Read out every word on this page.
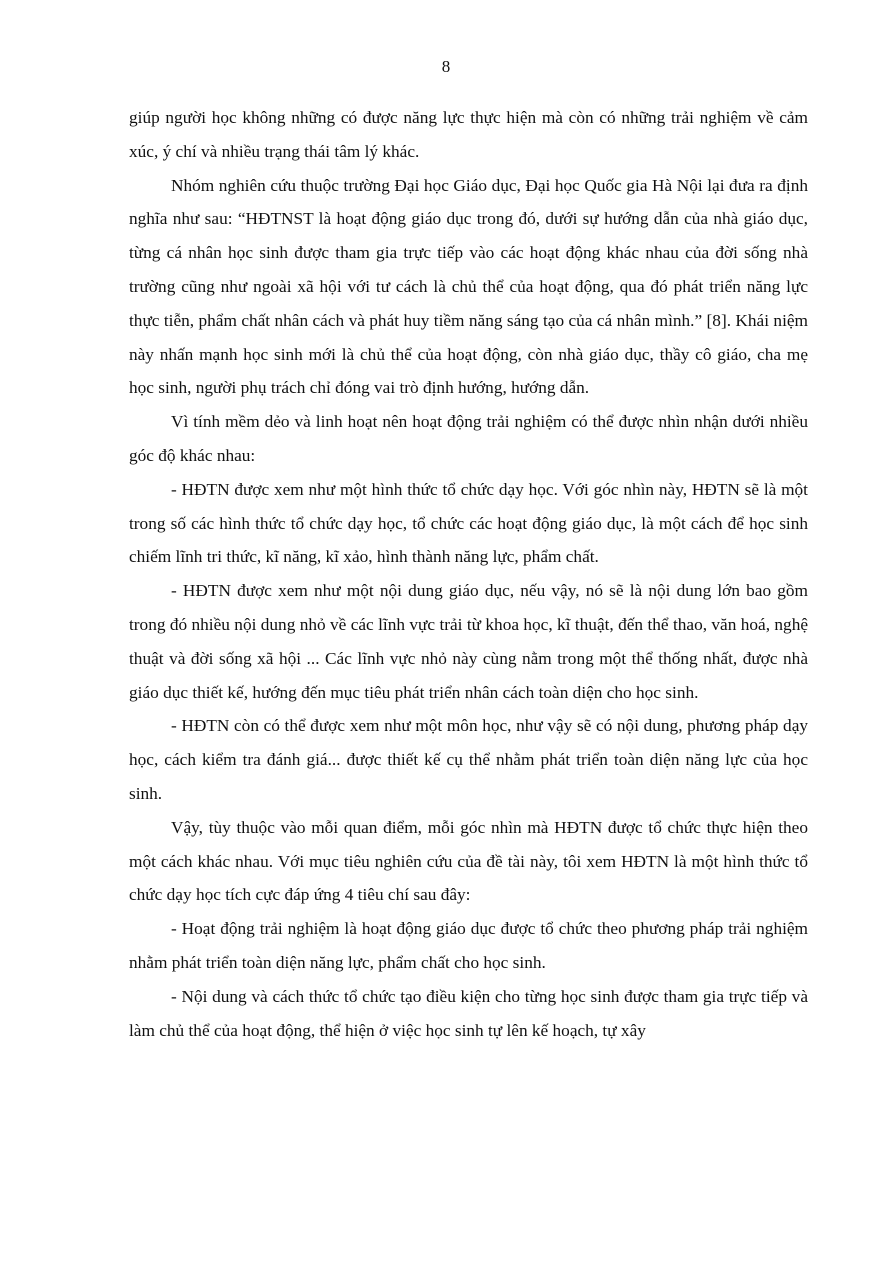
8

giúp người học không những có được năng lực thực hiện mà còn có những trải nghiệm về cảm xúc, ý chí và nhiều trạng thái tâm lý khác.

Nhóm nghiên cứu thuộc trường Đại học Giáo dục, Đại học Quốc gia Hà Nội lại đưa ra định nghĩa như sau: “HĐTNST là hoạt động giáo dục trong đó, dưới sự hướng dẫn của nhà giáo dục, từng cá nhân học sinh được tham gia trực tiếp vào các hoạt động khác nhau của đời sống nhà trường cũng như ngoài xã hội với tư cách là chủ thể của hoạt động, qua đó phát triển năng lực thực tiễn, phẩm chất nhân cách và phát huy tiềm năng sáng tạo của cá nhân mình.” [8]. Khái niệm này nhấn mạnh học sinh mới là chủ thể của hoạt động, còn nhà giáo dục, thầy cô giáo, cha mẹ học sinh, người phụ trách chỉ đóng vai trò định hướng, hướng dẫn.

Vì tính mềm dẻo và linh hoạt nên hoạt động trải nghiệm có thể được nhìn nhận dưới nhiều góc độ khác nhau:

- HĐTN được xem như một hình thức tổ chức dạy học. Với góc nhìn này, HĐTN sẽ là một trong số các hình thức tổ chức dạy học, tổ chức các hoạt động giáo dục, là một cách để học sinh chiếm lĩnh tri thức, kĩ năng, kĩ xảo, hình thành năng lực, phẩm chất.

- HĐTN được xem như một nội dung giáo dục, nếu vậy, nó sẽ là nội dung lớn bao gồm trong đó nhiều nội dung nhỏ về các lĩnh vực trải từ khoa học, kĩ thuật, đến thể thao, văn hoá, nghệ thuật và đời sống xã hội ... Các lĩnh vực nhỏ này cùng nằm trong một thể thống nhất, được nhà giáo dục thiết kế, hướng đến mục tiêu phát triển nhân cách toàn diện cho học sinh.

- HĐTN còn có thể được xem như một môn học, như vậy sẽ có nội dung, phương pháp dạy học, cách kiểm tra đánh giá... được thiết kế cụ thể nhằm phát triển toàn diện năng lực của học sinh.

Vậy, tùy thuộc vào mỗi quan điểm, mỗi góc nhìn mà HĐTN được tổ chức thực hiện theo một cách khác nhau. Với mục tiêu nghiên cứu của đề tài này, tôi xem HĐTN là một hình thức tổ chức dạy học tích cực đáp ứng 4 tiêu chí sau đây:

- Hoạt động trải nghiệm là hoạt động giáo dục được tổ chức theo phương pháp trải nghiệm nhằm phát triển toàn diện năng lực, phẩm chất cho học sinh.

- Nội dung và cách thức tổ chức tạo điều kiện cho từng học sinh được tham gia trực tiếp và làm chủ thể của hoạt động, thể hiện ở việc học sinh tự lên kế hoạch, tự xây
